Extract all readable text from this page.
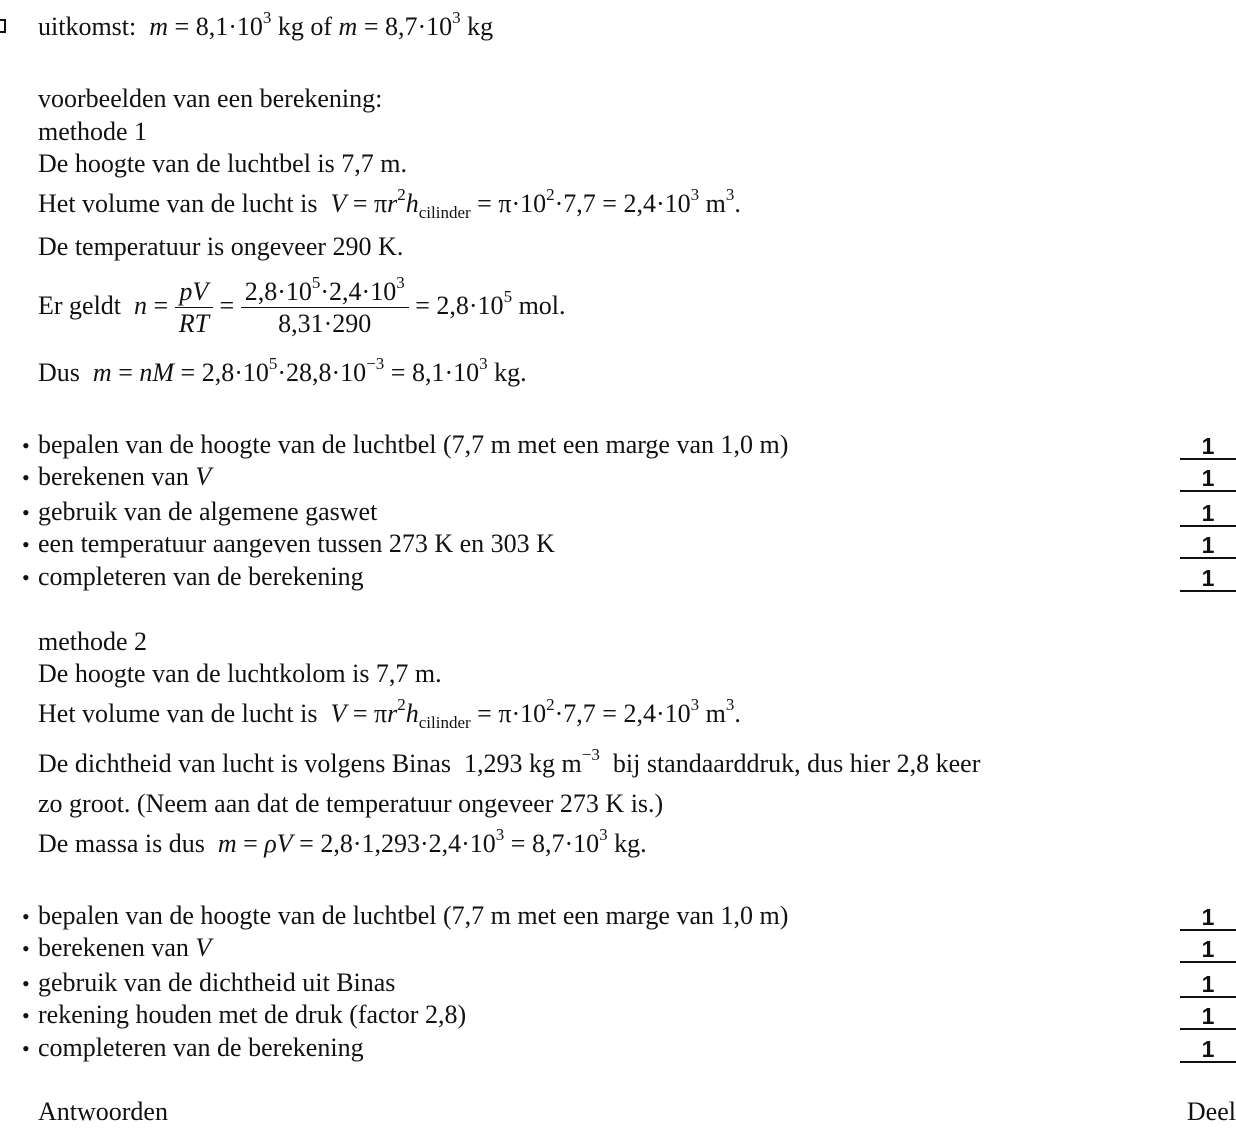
uitkomst: $m = 8,1\cdot 10^3$ kg of $m = 8,7\cdot 10^3$ kg
voorbeelden van een berekening:
methode 1
De hoogte van de luchtbel is 7,7 m.
Het volume van de lucht is $V = \pi r^2h_{cilinder} = \pi\cdot 10^2\cdot 7,7 = 2,4\cdot 10^3$ $m^3$.
De temperatuur is ongeveer 290 K.
Er geldt $n = \frac{pV}{RT} = \frac{2,8\cdot 10^5\cdot 2,4\cdot 10^3}{8,31\cdot 290} = 2,8\cdot 10^5$ mol.
Dus m = nM = $2,8\cdot 10^5\cdot 28,8\cdot 10^{-3} = 8,1\cdot 10^3$ kg.
• bepalen van de hoogte van de luchtbel (7,7 m met een marge van 1,0 m)
• berekenen van V
• gebruik van de algemene gaswet
• een temperatuur aangeven tussen 273 K en 303 K
• completeren van de berekening
1
1
1
1
1
methode 2
De hoogte van de luchtkolom is 7,7 m.
Het volume van de lucht is $V = \pi r^2h_{cilinder} = \pi\cdot 10^2\cdot 7,7 = 2,4\cdot 10^3$ $m^3$.
De dichtheid van lucht is volgens Binas  1,293 kg $m^{-3}$ bij standaarddruk, dus hier 2,8 keer
zo groot. (Neem aan dat de temperatuur ongeveer 273 K is.)
De massa is dus $m = \rho V = 2,8\cdot 1,293\cdot 2,4\cdot 10^3 = 8,7\cdot 10^3$ kg.
• bepalen van de hoogte van de luchtbel (7,7 m met een marge van 1,0 m)
• berekenen van V
• gebruik van de dichtheid uit Binas
• rekening houden met de druk (factor 2,8)
• completeren van de berekening
1
1
1
1
1
Antwoorden	Deel
